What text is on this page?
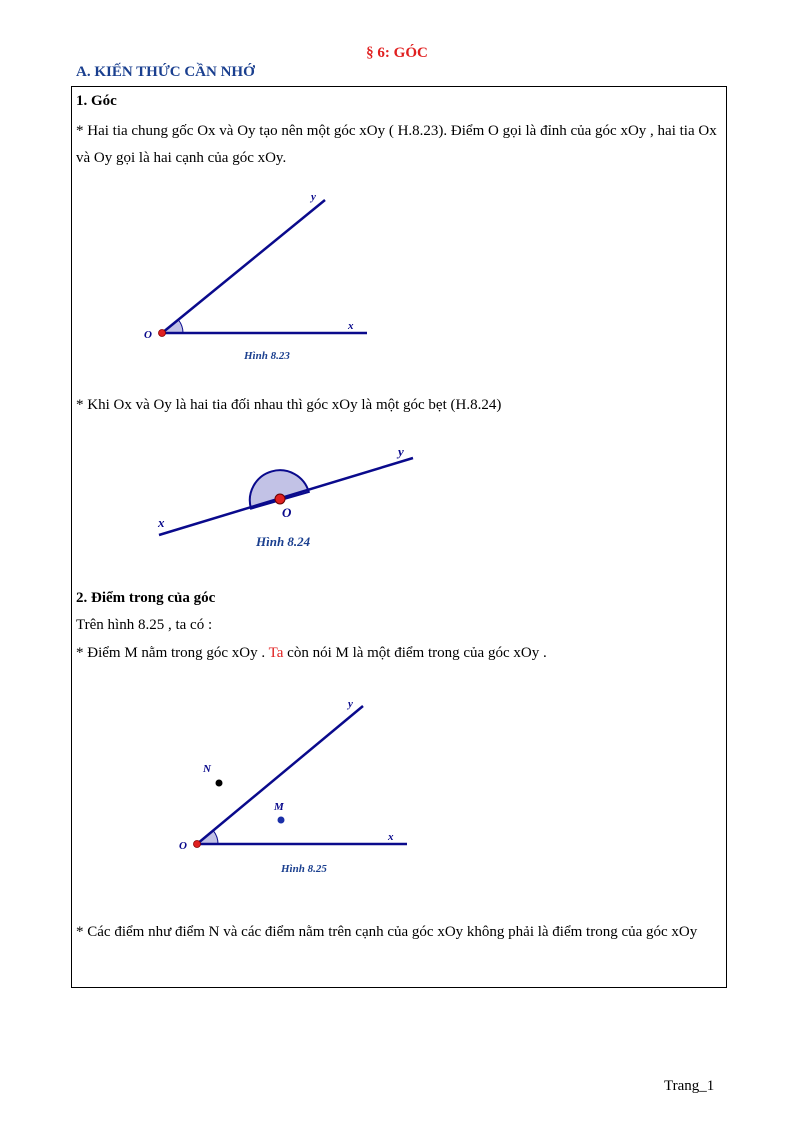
§ 6: GÓC
A. KIẾN THỨC CẦN NHỚ
1. Góc
* Hai tia chung gốc Ox và Oy tạo nên một góc xOy ( H.8.23). Điểm O gọi là đỉnh của góc xOy , hai tia Ox và Oy gọi là hai cạnh của góc xOy.
O
x
y
Hình 8.23
* Khi Ox và Oy là hai tia đối nhau thì góc xOy là một góc bẹt (H.8.24)
O
x
y
Hình 8.24
2. Điểm trong của góc
Trên hình 8.25 , ta có :
* Điểm M nằm trong góc xOy . Ta còn nói M là một điểm trong của góc xOy .
O
x
y
N
M
Hình 8.25
* Các điểm như điểm N và các điểm nằm trên cạnh của góc xOy không phải là điểm trong của góc xOy
Trang_1
